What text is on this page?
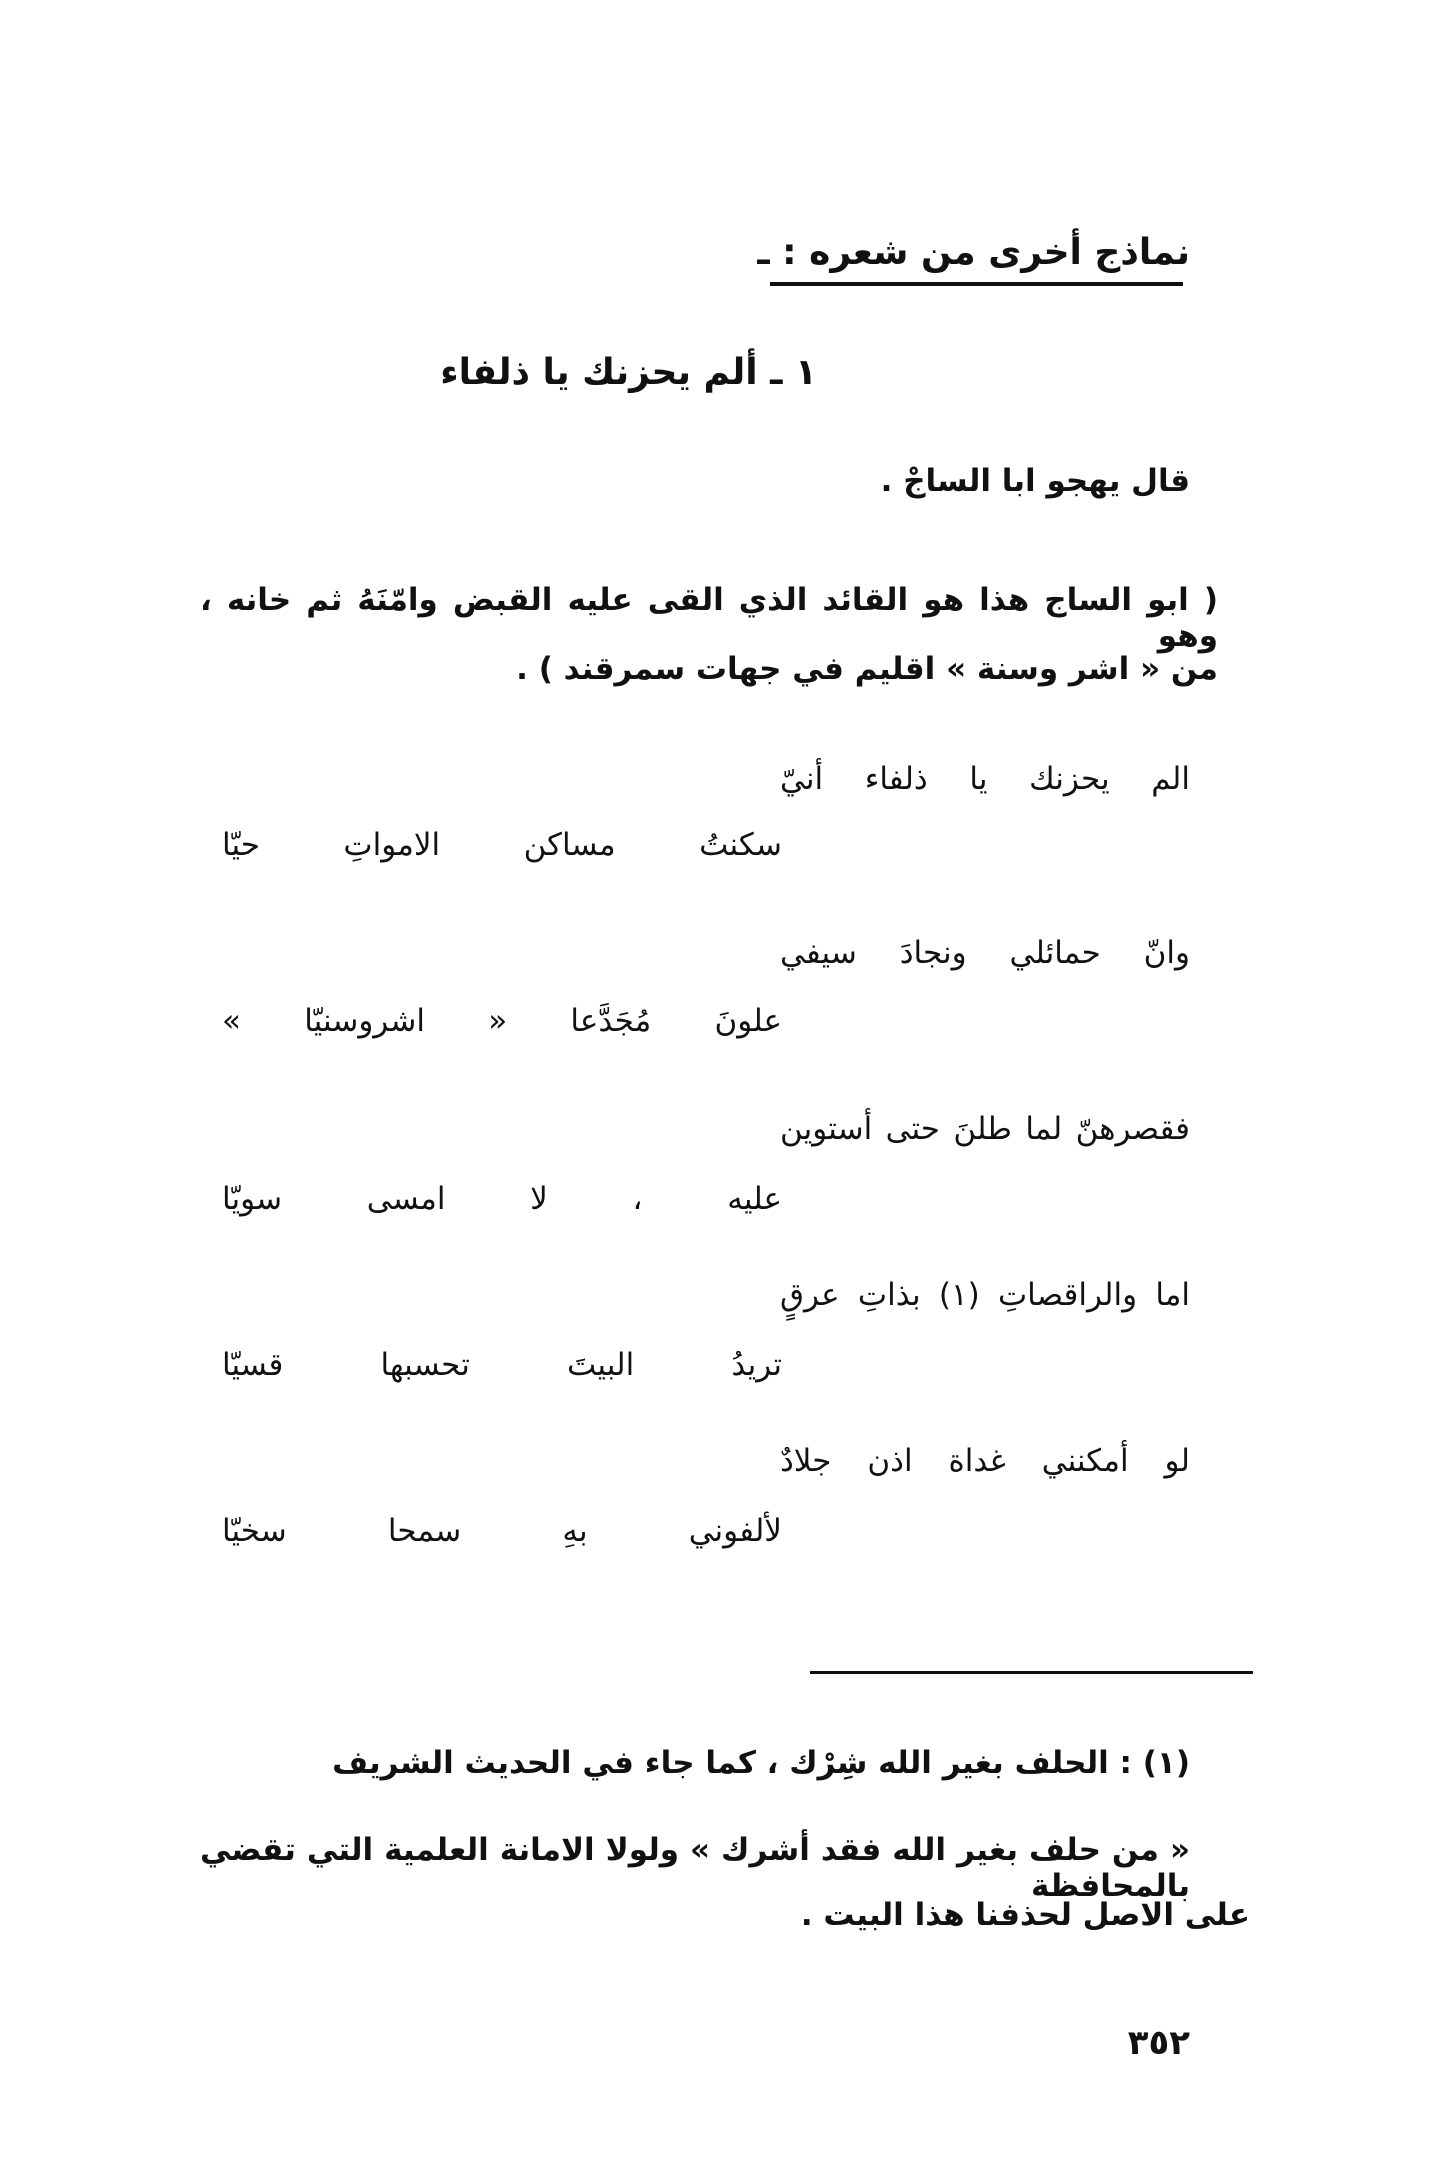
نماذج أخرى من شعره : ـ
١ ـ ألم يحزنك يا ذلفاء
قال يهجو ابا الساجْ .
( ابو الساج هذا هو القائد الذي القى عليه القبض وامّنَهُ ثم خانه ، وهو
من « اشر وسنة » اقليم في جهات سمرقند ) .
الم يحزنك يا ذلفاء أنيّ
سكنتُ مساكن الامواتِ حيّا
وانّ حمائلي ونجادَ سيفي
علونَ مُجَدَّعا « اشروسنيّا »
فقصرهنّ لما طلنَ حتى أستوين
عليه ، لا امسى سويّا
اما والراقصاتِ (١) بذاتِ عرقٍ
تريدُ البيتَ تحسبها قسيّا
لو أمكنني غداة اذن جلادٌ
لألفوني بهِ سمحا سخيّا
(١) : الحلف بغير الله شِرْك ، كما جاء في الحديث الشريف
« من حلف بغير الله فقد أشرك » ولولا الامانة العلمية التي تقضي بالمحافظة
على الاصل لحذفنا هذا البيت .
٣٥٢
